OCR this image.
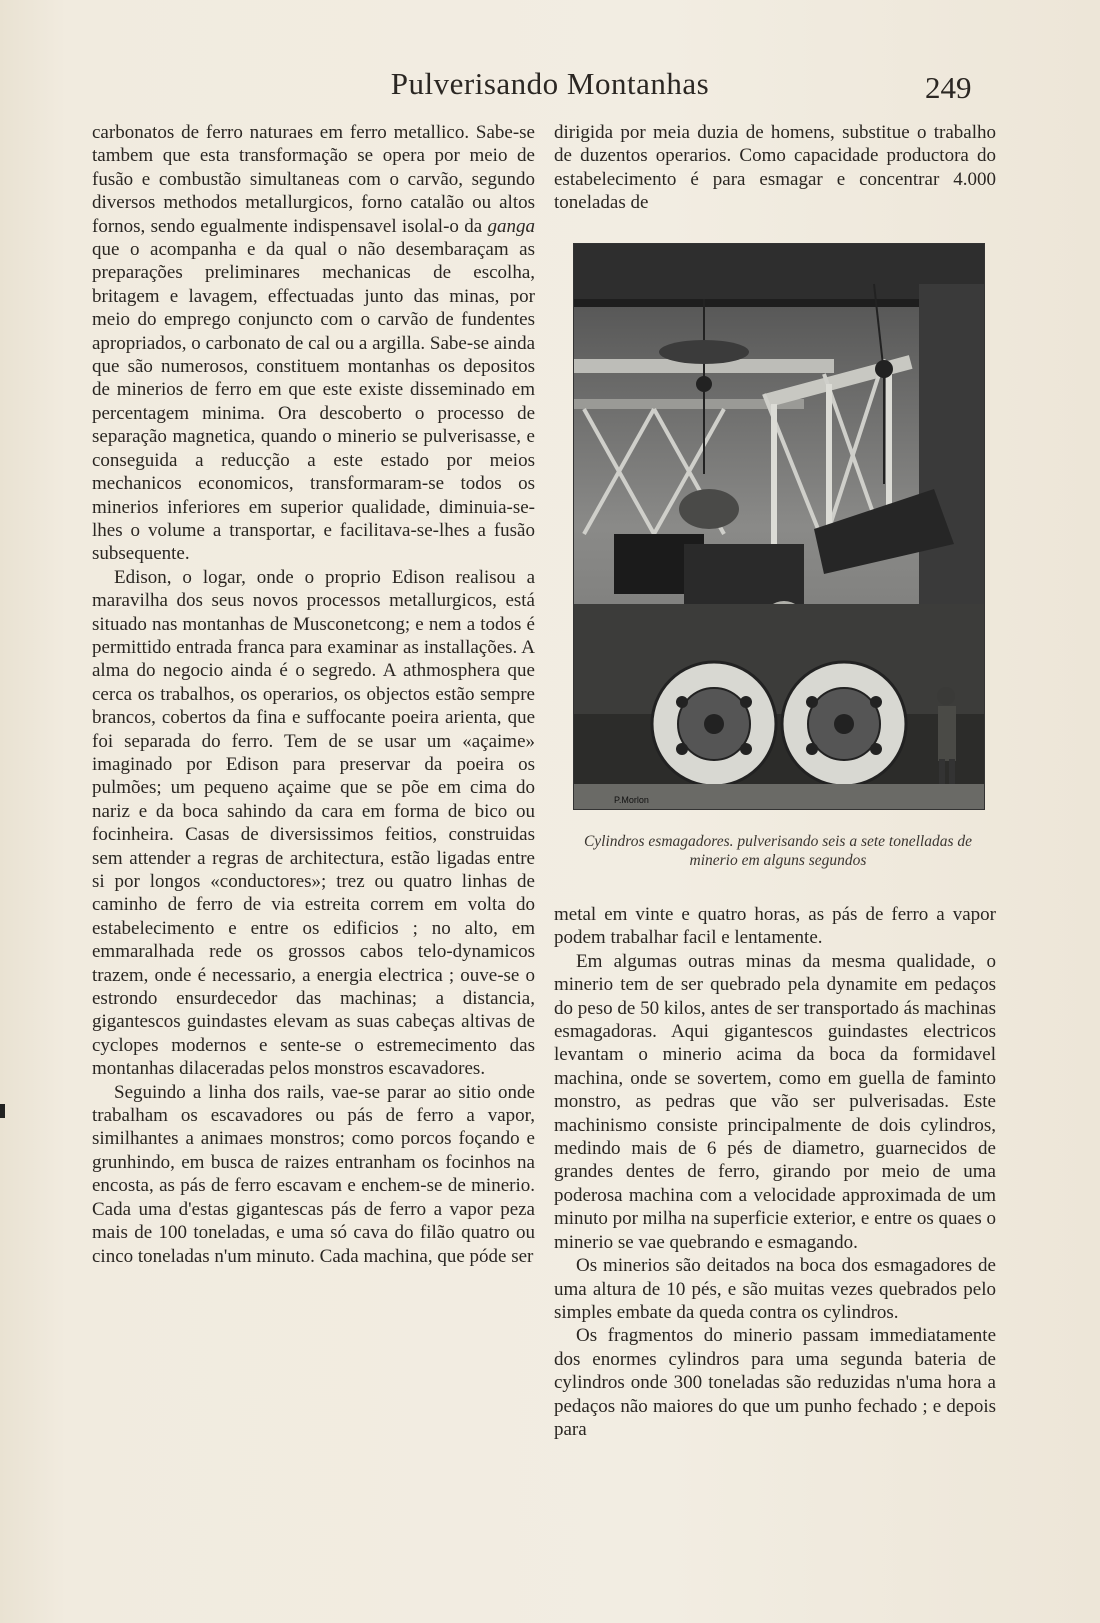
Pulverisando Montanhas	249

carbonatos de ferro naturaes em ferro metallico. Sabe-se tambem que esta transformação se opera por meio de fusão e combustão simultaneas com o carvão, segundo diversos methodos metallurgicos, forno catalão ou altos fornos, sendo egualmente indispensavel isolal-o da ganga que o acompanha e da qual o não desembaraçam as preparações preliminares mechanicas de escolha, britagem e lavagem, effectuadas junto das minas, por meio do emprego conjuncto com o carvão de fundentes apropriados, o carbonato de cal ou a argilla. Sabe-se ainda que são numerosos, constituem montanhas os depositos de minerios de ferro em que este existe disseminado em percentagem minima. Ora descoberto o processo de separação magnetica, quando o minerio se pulverisasse, e conseguida a reducção a este estado por meios mechanicos economicos, transformaram-se todos os minerios inferiores em superior qualidade, diminuia-se-lhes o volume a transportar, e facilitava-se-lhes a fusão subsequente.

Edison, o logar, onde o proprio Edison realisou a maravilha dos seus novos processos metallurgicos, está situado nas montanhas de Musconetcong; e nem a todos é permittido entrada franca para examinar as installações. A alma do negocio ainda é o segredo. A athmosphera que cerca os trabalhos, os operarios, os objectos estão sempre brancos, cobertos da fina e suffocante poeira arienta, que foi separada do ferro. Tem de se usar um «açaime» imaginado por Edison para preservar da poeira os pulmões; um pequeno açaime que se põe em cima do nariz e da boca sahindo da cara em forma de bico ou focinheira. Casas de diversissimos feitios, construidas sem attender a regras de architectura, estão ligadas entre si por longos «conductores»; trez ou quatro linhas de caminho de ferro de via estreita correm em volta do estabelecimento e entre os edificios ; no alto, em emmaralhada rede os grossos cabos telo-dynamicos trazem, onde é necessario, a energia electrica ; ouve-se o estrondo ensurdecedor das machinas; a distancia, gigantescos guindastes elevam as suas cabeças altivas de cyclopes modernos e sente-se o estremecimento das montanhas dilaceradas pelos monstros escavadores.

Seguindo a linha dos rails, vae-se parar ao sitio onde trabalham os escavadores ou pás de ferro a vapor, similhantes a animaes monstros; como porcos foçando e grunhindo, em busca de raizes entranham os focinhos na encosta, as pás de ferro escavam e enchem-se de minerio. Cada uma d'estas gigantescas pás de ferro a vapor peza mais de 100 toneladas, e uma só cava do filão quatro ou cinco toneladas n'um minuto. Cada machina, que póde ser

dirigida por meia duzia de homens, substitue o trabalho de duzentos operarios. Como capacidade productora do estabelecimento é para esmagar e concentrar 4.000 toneladas de

P.Morlon
Cylindros esmagadores. pulverisando seis a sete tonelladas de minerio em alguns segundos

metal em vinte e quatro horas, as pás de ferro a vapor podem trabalhar facil e lentamente.

Em algumas outras minas da mesma qualidade, o minerio tem de ser quebrado pela dynamite em pedaços do peso de 50 kilos, antes de ser transportado ás machinas esmagadoras. Aqui gigantescos guindastes electricos levantam o minerio acima da boca da formidavel machina, onde se sovertem, como em guella de faminto monstro, as pedras que vão ser pulverisadas. Este machinismo consiste principalmente de dois cylindros, medindo mais de 6 pés de diametro, guarnecidos de grandes dentes de ferro, girando por meio de uma poderosa machina com a velocidade approximada de um minuto por milha na superficie exterior, e entre os quaes o minerio se vae quebrando e esmagando.

Os minerios são deitados na boca dos esmagadores de uma altura de 10 pés, e são muitas vezes quebrados pelo simples embate da queda contra os cylindros.

Os fragmentos do minerio passam immediatamente dos enormes cylindros para uma segunda bateria de cylindros onde 300 toneladas são reduzidas n'uma hora a pedaços não maiores do que um punho fechado ; e depois para
